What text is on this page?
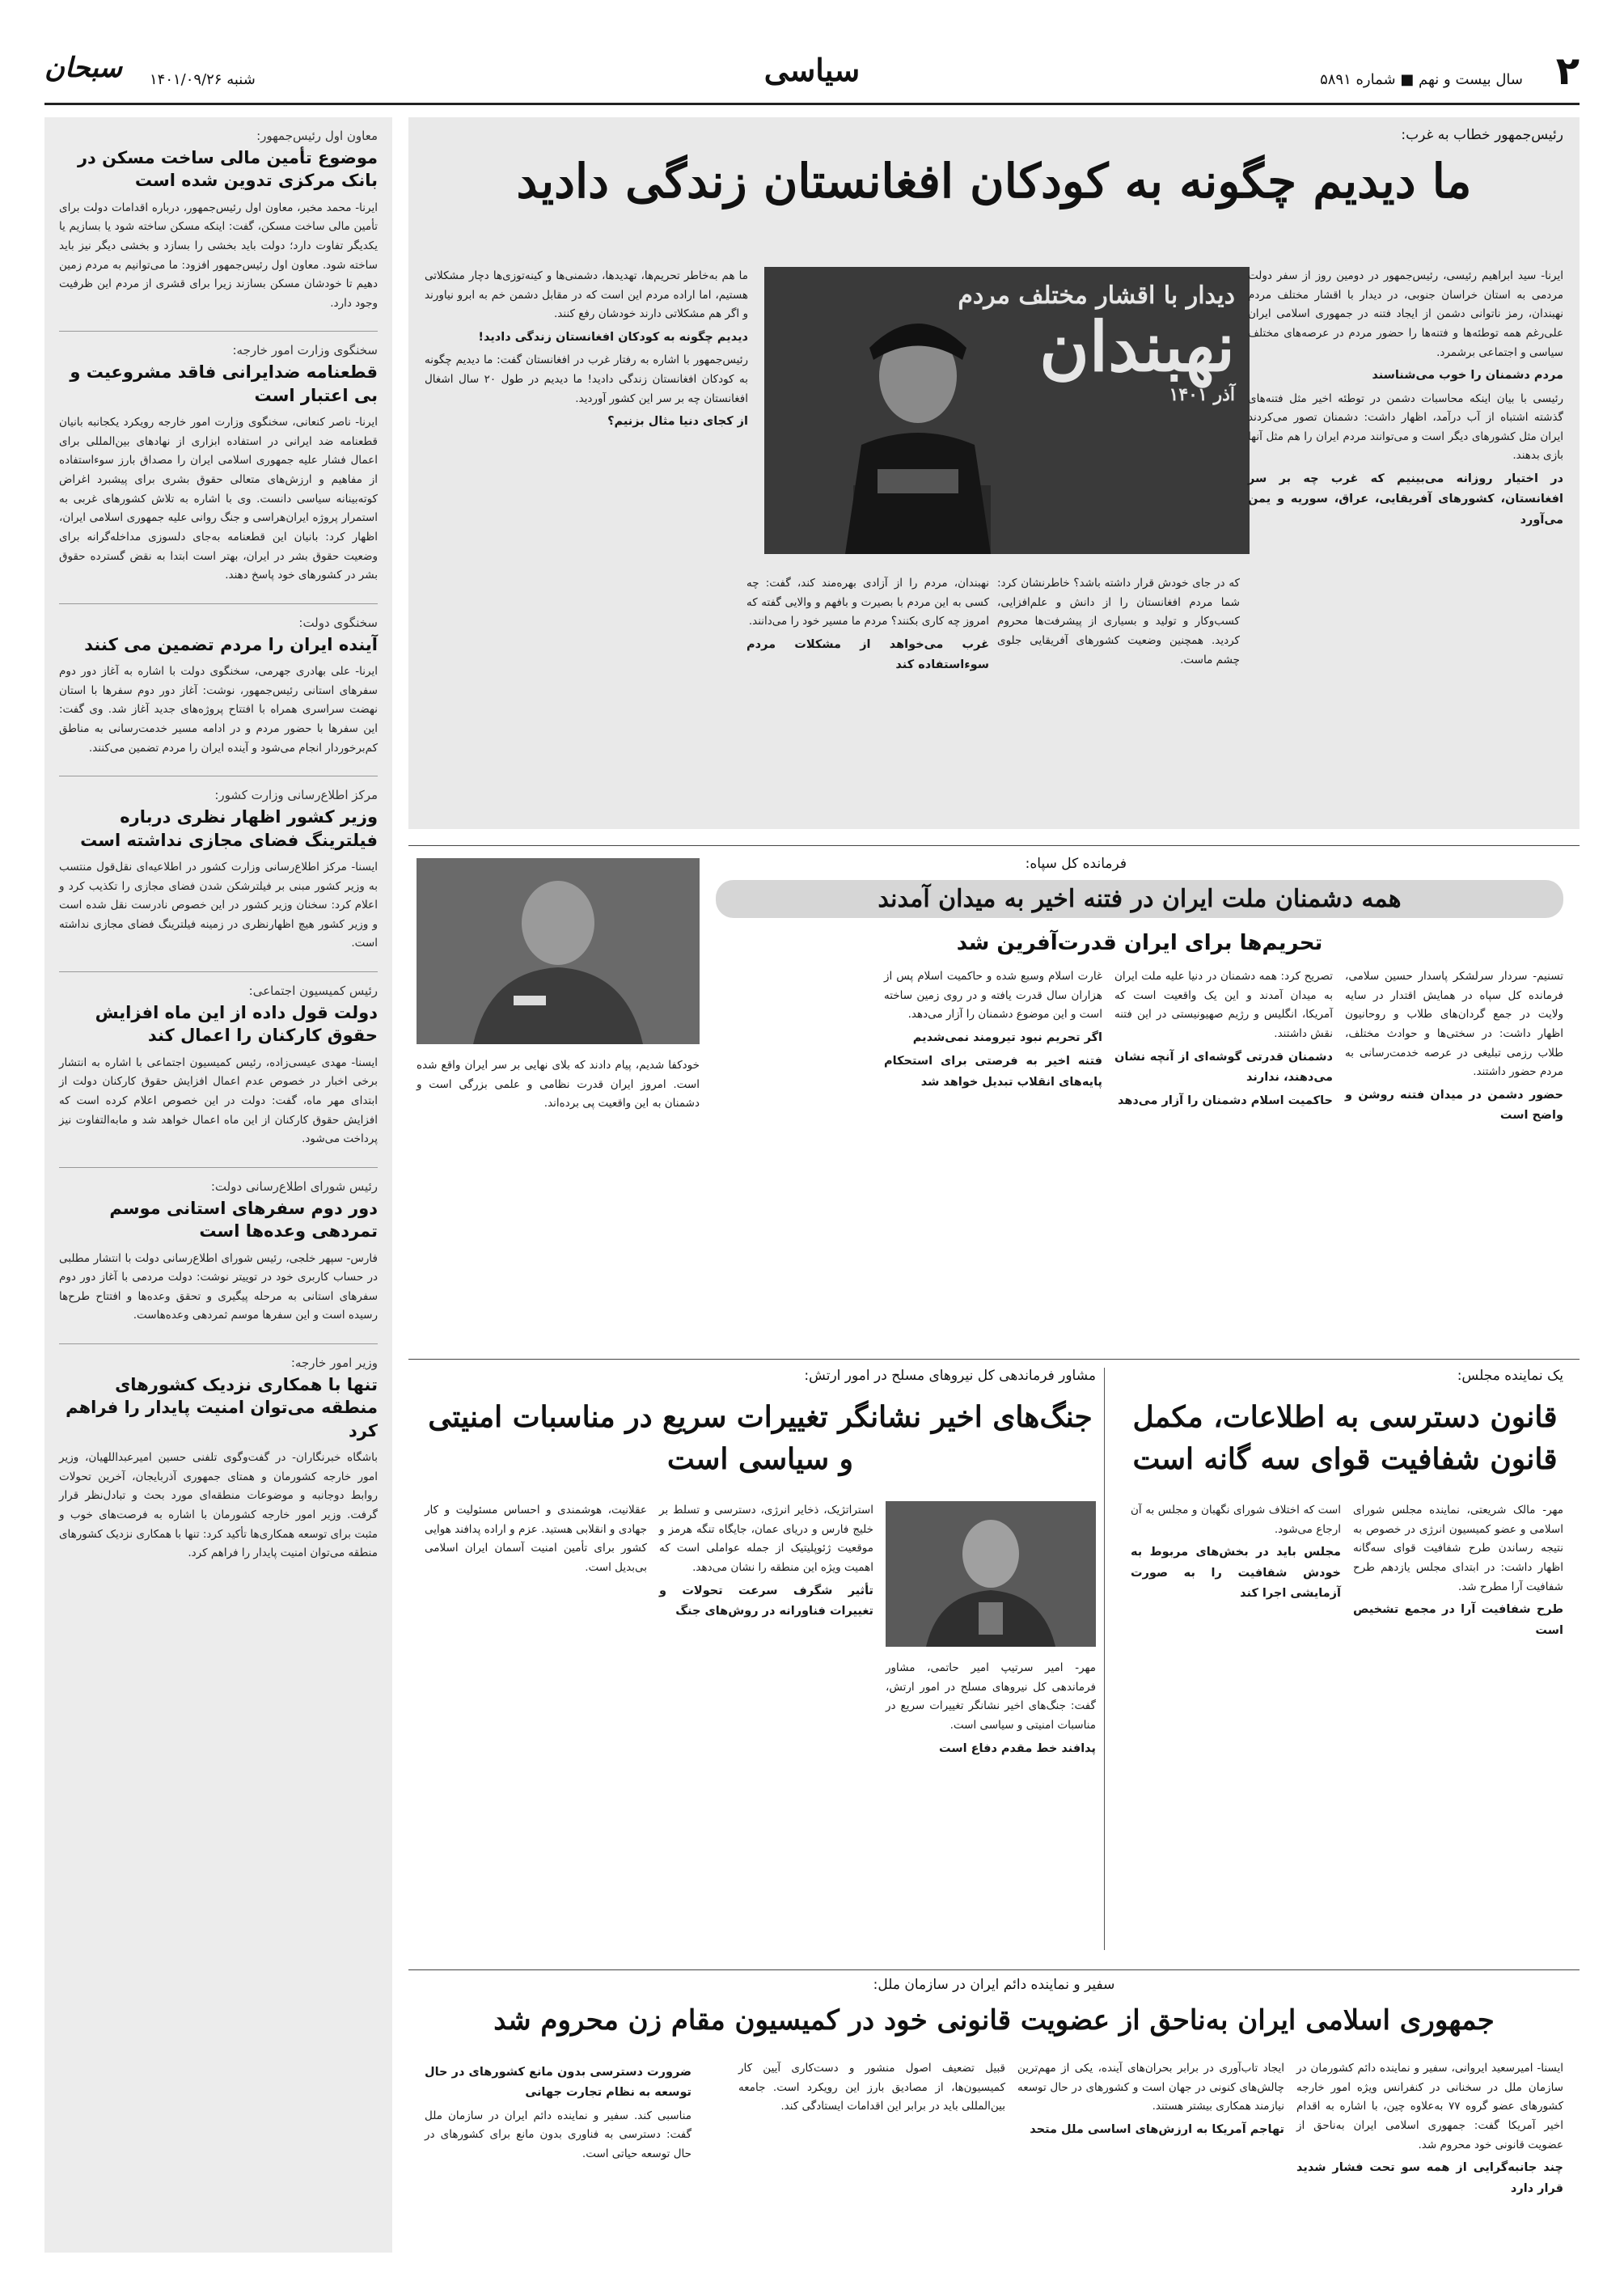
۲
سال بیست و نهم ■ شماره ۵۸۹۱
سیاسی
شنبه ۱۴۰۱/۰۹/۲۶
سبحان
معاون اول رئیس‌جمهور:
موضوع تأمین مالی ساخت مسکن در بانک مرکزی تدوین شده است
ایرنا- محمد مخبر، معاون اول رئیس‌جمهور، درباره اقدامات دولت برای تأمین مالی ساخت مسکن، گفت: اینکه مسکن ساخته شود یا بسازیم یا یکدیگر تفاوت دارد؛ دولت باید بخشی را بسازد و بخشی دیگر نیز باید ساخته شود. معاون اول رئیس‌جمهور افزود: ما می‌توانیم به مردم زمین دهیم تا خودشان مسکن بسازند زیرا برای قشری از مردم این ظرفیت وجود دارد.
سخنگوی وزارت امور خارجه:
قطعنامه ضدایرانی فاقد مشروعیت و بی اعتبار است
ایرنا- ناصر کنعانی، سخنگوی وزارت امور خارجه رویکرد یکجانبه بانیان قطعنامه ضد ایرانی در استفاده ابزاری از نهادهای بین‌المللی برای اعمال فشار علیه جمهوری اسلامی ایران را مصداق بارز سوءاستفاده از مفاهیم و ارزش‌های متعالی حقوق بشری برای پیشبرد اغراض کوته‌بینانه سیاسی دانست. وی با اشاره به تلاش کشورهای غربی به استمرار پروژه ایران‌هراسی و جنگ روانی علیه جمهوری اسلامی ایران، اظهار کرد: بانیان این قطعنامه به‌جای دلسوزی مداخله‌گرانه برای وضعیت حقوق بشر در ایران، بهتر است ابتدا به نقض گسترده حقوق بشر در کشورهای خود پاسخ دهند.
سخنگوی دولت:
آینده ایران را مردم تضمین می کنند
ایرنا- علی بهادری جهرمی، سخنگوی دولت با اشاره به آغاز دور دوم سفرهای استانی رئیس‌جمهور، نوشت: آغاز دور دوم سفرها با استان نهضت سراسری همراه با افتتاح پروژه‌های جدید آغاز شد. وی گفت: این سفرها با حضور مردم و در ادامه مسیر خدمت‌رسانی به مناطق کم‌برخوردار انجام می‌شود و آینده ایران را مردم تضمین می‌کنند.
مرکز اطلاع‌رسانی وزارت کشور:
وزیر کشور اظهار نظری درباره فیلترینگ فضای مجازی نداشته است
ایسنا- مرکز اطلاع‌رسانی وزارت کشور در اطلاعیه‌ای نقل‌قول منتسب به وزیر کشور مبنی بر فیلترشکن شدن فضای مجازی را تکذیب کرد و اعلام کرد: سخنان وزیر کشور در این خصوص نادرست نقل شده است و وزیر کشور هیچ اظهارنظری در زمینه فیلترینگ فضای مجازی نداشته است.
رئیس کمیسیون اجتماعی:
دولت قول داده از این ماه افزایش حقوق کارکنان را اعمال کند
ایسنا- مهدی عیسی‌زاده، رئیس کمیسیون اجتماعی با اشاره به انتشار برخی اخبار در خصوص عدم اعمال افزایش حقوق کارکنان دولت از ابتدای مهر ماه، گفت: دولت در این خصوص اعلام کرده است که افزایش حقوق کارکنان از این ماه اعمال خواهد شد و مابه‌التفاوت نیز پرداخت می‌شود.
رئیس شورای اطلاع‌رسانی دولت:
دور دوم سفرهای استانی موسم تمردهی وعده‌ها است
فارس- سپهر خلجی، رئیس شورای اطلاع‌رسانی دولت با انتشار مطلبی در حساب کاربری خود در توییتر نوشت: دولت مردمی با آغاز دور دوم سفرهای استانی به مرحله پیگیری و تحقق وعده‌ها و افتتاح طرح‌ها رسیده است و این سفرها موسم ثمردهی وعده‌هاست.
وزیر امور خارجه:
تنها با همکاری نزدیک کشورهای منطقه می‌توان امنیت پایدار را فراهم کرد
باشگاه خبرنگاران- در گفت‌وگوی تلفنی حسین امیرعبداللهیان، وزیر امور خارجه کشورمان و همتای جمهوری آذربایجان، آخرین تحولات روابط دوجانبه و موضوعات منطقه‌ای مورد بحث و تبادل‌نظر قرار گرفت. وزیر امور خارجه کشورمان با اشاره به فرصت‌های خوب و مثبت برای توسعه همکاری‌ها تأکید کرد: تنها با همکاری نزدیک کشورهای منطقه می‌توان امنیت پایدار را فراهم کرد.
رئیس‌جمهور خطاب به غرب:
ما دیدیم چگونه به کودکان افغانستان زندگی دادید
دیدار با اقشار مختلف مردم
نهبندان
آذر ۱۴۰۱
ایرنا- سید ابراهیم رئیسی، رئیس‌جمهور در دومین روز از سفر دولت مردمی به استان خراسان جنوبی، در دیدار با اقشار مختلف مردم نهبندان، رمز ناتوانی دشمن از ایجاد فتنه در جمهوری اسلامی ایران علی‌رغم همه توطئه‌ها و فتنه‌ها را حضور مردم در عرصه‌های مختلف سیاسی و اجتماعی برشمرد.
مردم دشمنان را خوب می‌شناسند
رئیسی با بیان اینکه محاسبات دشمن در توطئه اخیر مثل فتنه‌های گذشته اشتباه از آب درآمد، اظهار داشت: دشمنان تصور می‌کردند ایران مثل کشورهای دیگر است و می‌توانند مردم ایران را هم مثل آنها بازی بدهند.
در اختیار روزانه می‌بینیم که غرب چه بر سر افغانستان، کشورهای آفریقایی، عراق، سوریه و یمن می‌آورد
که در جای خودش قرار داشته باشد؟ خاطرنشان کرد: شما مردم افغانستان را از دانش و علم‌افزایی، کسب‌وکار و تولید و بسیاری از پیشرفت‌ها محروم کردید. همچنین وضعیت کشورهای آفریقایی جلوی چشم ماست.
نهبندان، مردم را از آزادی بهره‌مند کند، گفت: چه کسی به این مردم با بصیرت و بافهم و والایی گفته که امروز چه کاری بکنند؟ مردم ما مسیر خود را می‌دانند.
غرب می‌خواهد از مشکلات مردم سوءاستفاده کند
ما هم به‌خاطر تحریم‌ها، تهدیدها، دشمنی‌ها و کینه‌توزی‌ها دچار مشکلاتی هستیم، اما اراده مردم این است که در مقابل دشمن خم به ابرو نیاورند و اگر هم مشکلاتی دارند خودشان رفع کنند.
دیدیم چگونه به کودکان افغانستان زندگی دادید!
رئیس‌جمهور با اشاره به رفتار غرب در افغانستان گفت: ما دیدیم چگونه به کودکان افغانستان زندگی دادید! ما دیدیم در طول ۲۰ سال اشغال افغانستان چه بر سر این کشور آوردید.
از کجای دنیا مثال بزنیم؟
فرمانده کل سپاه:
همه دشمنان ملت ایران در فتنه اخیر به میدان آمدند
تحریم‌ها برای ایران قدرت‌آفرین شد
تسنیم- سردار سرلشکر پاسدار حسین سلامی، فرمانده کل سپاه در همایش اقتدار در سایه ولایت در جمع گردان‌های طلاب و روحانیون اظهار داشت: در سختی‌ها و حوادث مختلف، طلاب رزمی تبلیغی در عرصه خدمت‌رسانی به مردم حضور داشتند.
حضور دشمن در میدان فتنه روشن و واضح است
تصریح کرد: همه دشمنان در دنیا علیه ملت ایران به میدان آمدند و این یک واقعیت است که آمریکا، انگلیس و رژیم صهیونیستی در این فتنه نقش داشتند.
دشمنان قدرتی گوشه‌ای از آنچه نشان می‌دهند، ندارند
حاکمیت اسلام دشمنان را آزار می‌دهد
غارت اسلام وسیع شده و حاکمیت اسلام پس از هزاران سال قدرت یافته و در روی زمین ساخته است و این موضوع دشمنان را آزار می‌دهد.
اگر تحریم نبود تیرومند نمی‌شدیم
فتنه اخیر به فرصتی برای استحکام پایه‌های انقلاب تبدیل خواهد شد
خودکفا شدیم، پیام دادند که بلای نهایی بر سر ایران واقع شده است. امروز ایران قدرت نظامی و علمی بزرگی است و دشمنان به این واقعیت پی برده‌اند.
یک نماینده مجلس:
قانون دسترسی به اطلاعات، مکمل قانون شفافیت قوای سه گانه است
مهر- مالک شریعتی، نماینده مجلس شورای اسلامی و عضو کمیسیون انرژی در خصوص به نتیجه رساندن طرح شفافیت قوای سه‌گانه اظهار داشت: در ابتدای مجلس یازدهم طرح شفافیت آرا مطرح شد.
طرح شفافیت آرا در مجمع تشخیص است
است که اختلاف شورای نگهبان و مجلس به آن ارجاع می‌شود.
مجلس باید در بخش‌های مربوط به خودش شفافیت را به صورت آزمایشی اجرا کند
مشاور فرماندهی کل نیروهای مسلح در امور ارتش:
جنگ‌های اخیر نشانگر تغییرات سریع در مناسبات امنیتی و سیاسی است
مهر- امیر سرتیپ امیر حاتمی، مشاور فرماندهی کل نیروهای مسلح در امور ارتش، گفت: جنگ‌های اخیر نشانگر تغییرات سریع در مناسبات امنیتی و سیاسی است.
پدافند خط مقدم دفاع است
استراتژیک، ذخایر انرژی، دسترسی و تسلط بر خلیج فارس و دریای عمان، جایگاه تنگه هرمز و موقعیت ژئوپلیتیک از جمله عواملی است که اهمیت ویژه این منطقه را نشان می‌دهد.
تأثیر شگرف سرعت تحولات و تغییرات فناورانه در روش‌های جنگ
عقلانیت، هوشمندی و احساس مسئولیت و کار جهادی و انقلابی هستید. عزم و اراده پدافند هوایی کشور برای تأمین امنیت آسمان ایران اسلامی بی‌بدیل است.
سفیر و نماینده دائم ایران در سازمان ملل:
جمهوری اسلامی ایران به‌ناحق از عضویت قانونی خود در کمیسیون مقام زن محروم شد
ایسنا- امیرسعید ایروانی، سفیر و نماینده دائم کشورمان در سازمان ملل در سخنانی در کنفرانس ویژه امور خارجه کشورهای عضو گروه ۷۷ به‌علاوه چین، با اشاره به اقدام اخیر آمریکا گفت: جمهوری اسلامی ایران به‌ناحق از عضویت قانونی خود محروم شد.
چند جانبه‌گرایی از همه سو تحت فشار شدید قرار دارد
ایجاد تاب‌آوری در برابر بحران‌های آینده، یکی از مهم‌ترین چالش‌های کنونی در جهان است و کشورهای در حال توسعه نیازمند همکاری بیشتر هستند.
تهاجم آمریکا به ارزش‌های اساسی ملل متحد
قبیل تضعیف اصول منشور و دست‌کاری آیین کار کمیسیون‌ها، از مصادیق بارز این رویکرد است. جامعه بین‌المللی باید در برابر این اقدامات ایستادگی کند.
ضرورت دسترسی بدون مانع کشورهای در حال توسعه به نظام تجارت جهانی
مناسبی کند. سفیر و نماینده دائم ایران در سازمان ملل گفت: دسترسی به فناوری بدون مانع برای کشورهای در حال توسعه حیاتی است.
